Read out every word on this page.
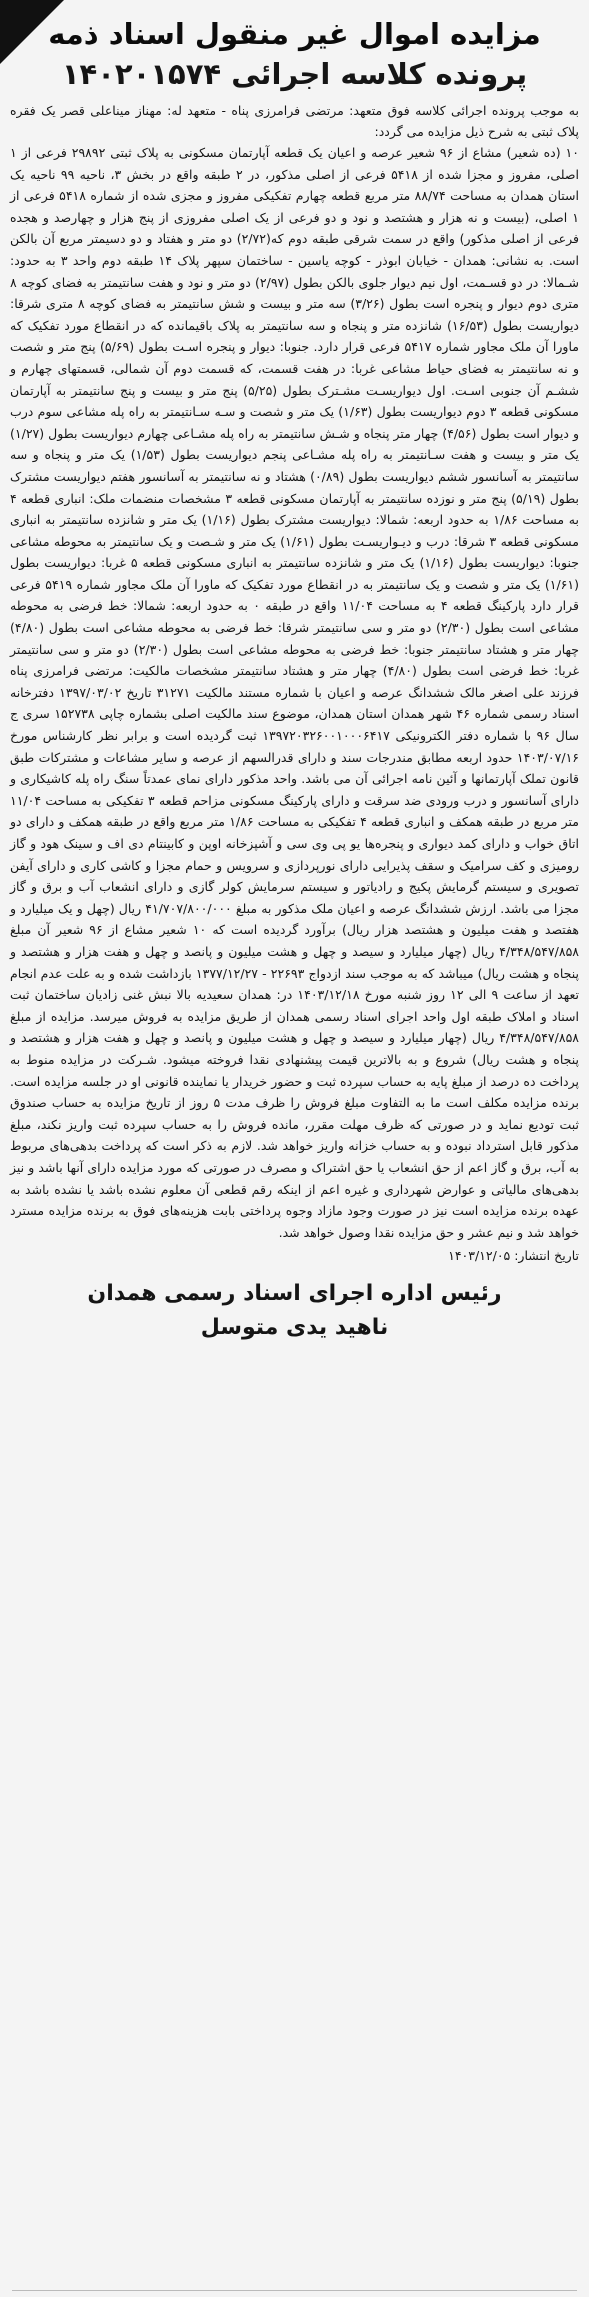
مزایده اموال غیر منقول اسناد ذمه
پرونده کلاسه اجرائی ۱۴۰۲۰۱۵۷۴

به موجب پرونده اجرائی کلاسه فوق متعهد: مرتضی فرامرزی پناه - متعهد له: مهناز میناعلی قصر یک فقره پلاک ثبتی به شرح ذیل مزایده می گردد:

۱۰ (ده شعیر) مشاع از ۹۶ شعیر عرصه و اعیان یک قطعه آپارتمان مسکونی به پلاک ثبتی ۲۹۸۹۲ فرعی از ۱ اصلی، مفروز و مجزا شده از ۵۴۱۸ فرعی از اصلی مذکور، در ۲ طبقه واقع در بخش ۳، ناحیه ۹۹ ناحیه یک استان همدان به مساحت ۸۸/۷۴ متر مربع قطعه چهارم تفکیکی مفروز و مجزی شده از شماره ۵۴۱۸ فرعی از ۱ اصلی، (بیست و نه هزار و هشتصد و نود و دو فرعی از یک اصلی مفروزی از پنج هزار و چهارصد و هجده فرعی از اصلی مذکور) واقع در سمت شرقی طبقه دوم که(۲/۷۲) دو متر و هفتاد و دو دسیمتر مربع آن بالکن است. به نشانی: همدان - خیابان ابوذر - کوچه یاسین - ساختمان سپهر پلاک ۱۴ طبقه دوم واحد ۳ به حدود: شـمالا: در دو قسـمت، اول نیم دیوار جلوی بالکن بطول (۲/۹۷) دو متر و نود و هفت سانتیمتر به فضای کوچه ۸ متری دوم دیوار و پنجره است بطول (۳/۲۶) سه متر و بیست و شش سانتیمتر به فضای کوچه ۸ متری شرقا: دیواریست بطول (۱۶/۵۳) شانزده متر و پنجاه و سه سانتیمتر به پلاک باقیمانده که در انقطاع مورد تفکیک که ماورا آن ملک مجاور شماره ۵۴۱۷ فرعی قرار دارد. جنوبا: دیوار و پنجره اسـت بطول (۵/۶۹) پنج متر و شصت و نه سانتیمتر به فضای حیاط مشاعی غربا: در هفت قسمت، که قسمت دوم آن شمالی، قسمتهای چهارم و ششـم آن جنوبی اسـت. اول دیواریسـت مشـترک بطول (۵/۲۵) پنج متر و بیست و پنج سانتیمتر به آپارتمان مسکونی قطعه ۳ دوم دیواریست بطول (۱/۶۳) یک متر و شصت و سـه سـانتیمتر به راه پله مشاعی سوم درب و دیوار است بطول (۴/۵۶) چهار متر پنجاه و شـش سانتیمتر به راه پله مشـاعی چهارم دیواریست بطول (۱/۲۷) یک متر و بیست و هفت سـانتیمتر به راه پله مشـاعی پنجم دیواریست بطول (۱/۵۳) یک متر و پنجاه و سه سانتیمتر به آسانسور ششم دیواریست بطول (۰/۸۹) هشتاد و نه سانتیمتر به آسانسور هفتم دیواریست مشترک بطول (۵/۱۹) پنج متر و نوزده سانتیمتر به آپارتمان مسکونی قطعه ۳ مشخصات منضمات ملک: انباری قطعه ۴ به مساحت ۱/۸۶ به حدود اربعه: شمالا: دیواریست مشترک بطول (۱/۱۶) یک متر و شانزده سانتیمتر به انباری مسکونی قطعه ۳ شرقا: درب و دیـواریسـت بطول (۱/۶۱) یک متر و شـصت و یک سانتیمتر به محوطه مشاعی جنوبا: دیواریست بطول (۱/۱۶) یک متر و شانزده سانتیمتر به انباری مسکونی قطعه ۵ غربا: دیواریست بطول (۱/۶۱) یک متر و شصت و یک سانتیمتر به در انقطاع مورد تفکیک که ماورا آن ملک مجاور شماره ۵۴۱۹ فرعی قرار دارد پارکینگ قطعه ۴ به مساحت ۱۱/۰۴ واقع در طبقه ۰ به حدود اربعه: شمالا: خط فرضی به محوطه مشاعی است بطول (۲/۳۰) دو متر و سی سانتیمتر شرقا: خط فرضی به محوطه مشاعی است بطول (۴/۸۰) چهار متر و هشتاد سانتیمتر جنوبا: خط فرضی به محوطه مشاعی است بطول (۲/۳۰) دو متر و سی سانتیمتر غربا: خط فرضی است بطول (۴/۸۰) چهار متر و هشتاد سانتیمتر مشخصات مالکیت: مرتضی فرامرزی پناه فرزند علی اصغر مالک ششدانگ عرصه و اعیان با شماره مستند مالکیت ۳۱۲۷۱ تاریخ ۱۳۹۷/۰۳/۰۲ دفترخانه اسناد رسمی شماره ۴۶ شهر همدان استان همدان، موضوع سند مالکیت اصلی بشماره چاپی ۱۵۲۷۳۸ سری ج سال ۹۶ با شماره دفتر الکترونیکی ۱۳۹۷۲۰۳۲۶۰۰۱۰۰۰۶۴۱۷ ثبت گردیده است و برابر نظر کارشناس مورخ ۱۴۰۳/۰۷/۱۶ حدود اربعه مطابق مندرجات سند و دارای قدرالسهم از عرصه و سایر مشاعات و مشترکات طبق قانون تملک آپارتمانها و آئین نامه اجرائی آن می باشد. واحد مذکور دارای نمای عمدتاً سنگ راه پله کاشیکاری و دارای آسانسور و درب ورودی ضد سرقت و دارای پارکینگ مسکونی مزاحم قطعه ۳ تفکیکی به مساحت ۱۱/۰۴ متر مربع در طبقه همکف و انباری قطعه ۴ تفکیکی به مساحت ۱/۸۶ متر مربع واقع در طبقه همکف و دارای دو اتاق خواب و دارای کمد دیواری و پنجره‌ها یو پی وی سی و آشپزخانه اوپن و کابینتام دی اف و سینک هود و گاز رومیزی و کف سرامیک و سقف پذیرایی دارای نورپردازی و سرویس و حمام مجزا و کاشی کاری و دارای آیفن تصویری و سیستم گرمایش پکیج و رادیاتور و سیستم سرمایش کولر گازی و دارای انشعاب آب و برق و گاز مجزا می باشد. ارزش ششدانگ عرصه و اعیان ملک مذکور به مبلغ ۴۱/۷۰۷/۸۰۰/۰۰۰ ریال (چهل و یک میلیارد و هفتصد و هفت میلیون و هشتصد هزار ریال) برآورد گردیده است که ۱۰ شعیر مشاع از ۹۶ شعیر آن مبلغ ۴/۳۴۸/۵۴۷/۸۵۸ ریال (چهار میلیارد و سیصد و چهل و هشت میلیون و پانصد و چهل و هفت هزار و هشتصد و پنجاه و هشت ریال) میباشد که به موجب سند ازدواج ۲۲۶۹۳ - ۱۳۷۷/۱۲/۲۷ بازداشت شده و به علت عدم انجام تعهد از ساعت ۹ الی ۱۲ روز شنبه مورخ ۱۴۰۳/۱۲/۱۸ در: همدان سعیدیه بالا نبش غنی زادیان ساختمان ثبت اسناد و املاک طبقه اول واحد اجرای اسناد رسمی همدان از طریق مزایده به فروش میرسد. مزایده از مبلغ ۴/۳۴۸/۵۴۷/۸۵۸ ریال (چهار میلیارد و سیصد و چهل و هشت میلیون و پانصد و چهل و هفت هزار و هشتصد و پنجاه و هشت ریال) شروع و به بالاترین قیمت پیشنهادی نقدا فروخته میشود. شـرکت در مزایده منوط به پرداخت ده درصد از مبلغ پایه به حساب سپرده ثبت و حضور خریدار یا نماینده قانونی او در جلسه مزایده است. برنده مزایده مکلف است ما به التفاوت مبلغ فروش را ظرف مدت ۵ روز از تاریخ مزایده به حساب صندوق ثبت تودیع نماید و در صورتی که ظرف مهلت مقرر، مانده فروش را به حساب سپرده ثبت واریز نکند، مبلغ مذکور قابل استرداد نبوده و به حساب خزانه واریز خواهد شد. لازم به ذکر است که پرداخت بدهی‌های مربوط به آب، برق و گاز اعم از حق انشعاب یا حق اشتراک و مصرف در صورتی که مورد مزایده دارای آنها باشد و نیز بدهی‌های مالیاتی و عوارض شهرداری و غیره اعم از اینکه رقم قطعی آن معلوم نشده باشد یا نشده باشد به عهده برنده مزایده است نیز در صورت وجود مازاد وجوه پرداختی بابت هزینه‌های فوق به برنده مزایده مسترد خواهد شد و نیم عشر و حق مزایده نقدا وصول خواهد شد.

تاریخ انتشار: ۱۴۰۳/۱۲/۰۵

رئیس اداره اجرای اسناد رسمی همدان
ناهید یدی متوسل
